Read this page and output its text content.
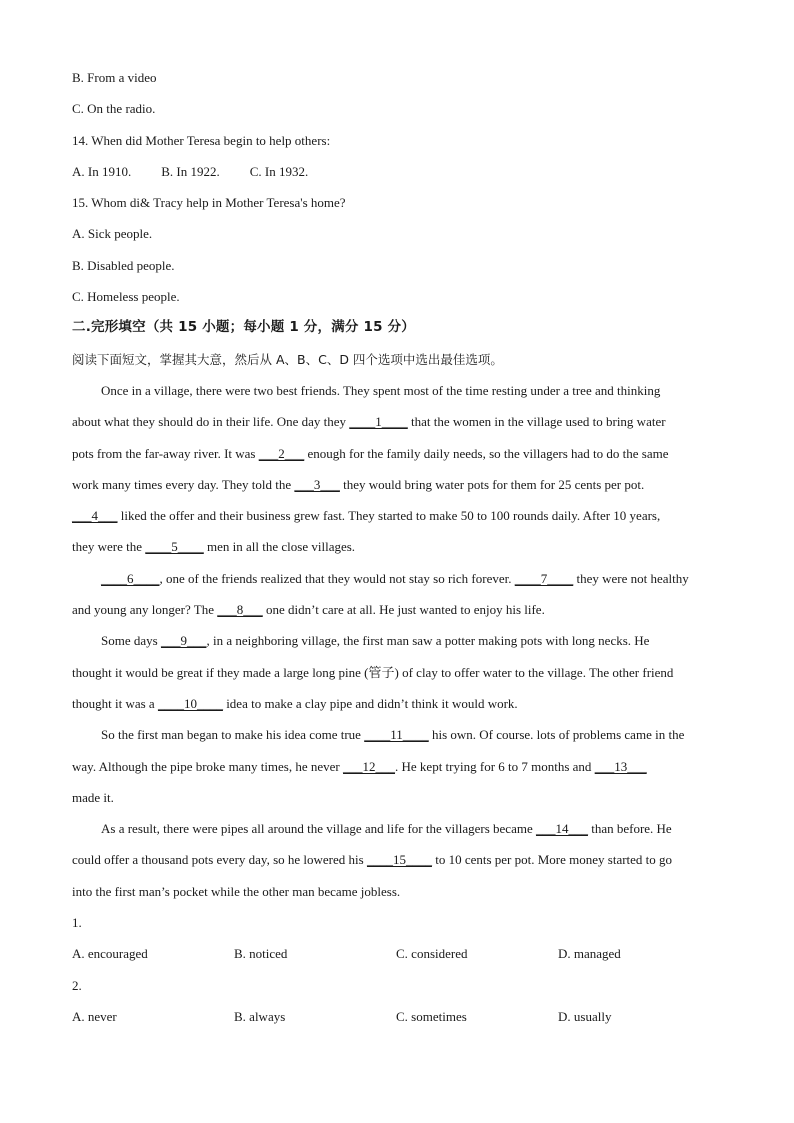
B. From a video
C. On the radio.
14. When did Mother Teresa begin to help others:
A. In 1910. B. In 1922. C. In 1932.
15. Whom di& Tracy help in Mother Teresa's home?
A. Sick people.
B. Disabled people.
C. Homeless people.
二.完形填空（共 15 小题；每小题 1 分，满分 15 分）
阅读下面短文，掌握其大意，然后从 A、B、C、D 四个选项中选出最佳选项。
Once in a village, there were two best friends. They spent most of the time resting under a tree and thinking
about what they should do in their life. One day they ____1____ that the women in the village used to bring water
pots from the far-away river. It was ___2___ enough for the family daily needs, so the villagers had to do the same
work many times every day. They told the ___3___ they would bring water pots for them for 25 cents per pot.
___4___ liked the offer and their business grew fast. They started to make 50 to 100 rounds daily. After 10 years,
they were the ____5____ men in all the close villages.
____6____, one of the friends realized that they would not stay so rich forever. ____7____ they were not healthy
and young any longer? The ___8___ one didn’t care at all. He just wanted to enjoy his life.
Some days ___9___, in a neighboring village, the first man saw a potter making pots with long necks. He
thought it would be great if they made a large long pine (管子) of clay to offer water to the village. The other friend
thought it was a ____10____ idea to make a clay pipe and didn’t think it would work.
So the first man began to make his idea come true ____11____ his own. Of course. lots of problems came in the
way. Although the pipe broke many times, he never ___12___. He kept trying for 6 to 7 months and ___13___
made it.
As a result, there were pipes all around the village and life for the villagers became ___14___ than before. He
could offer a thousand pots every day, so he lowered his ____15____ to 10 cents per pot. More money started to go
into the first man’s pocket while the other man became jobless.
1.
A. encouraged	B. noticed	C. considered	D. managed
2.
A. never	B. always	C. sometimes	D. usually
